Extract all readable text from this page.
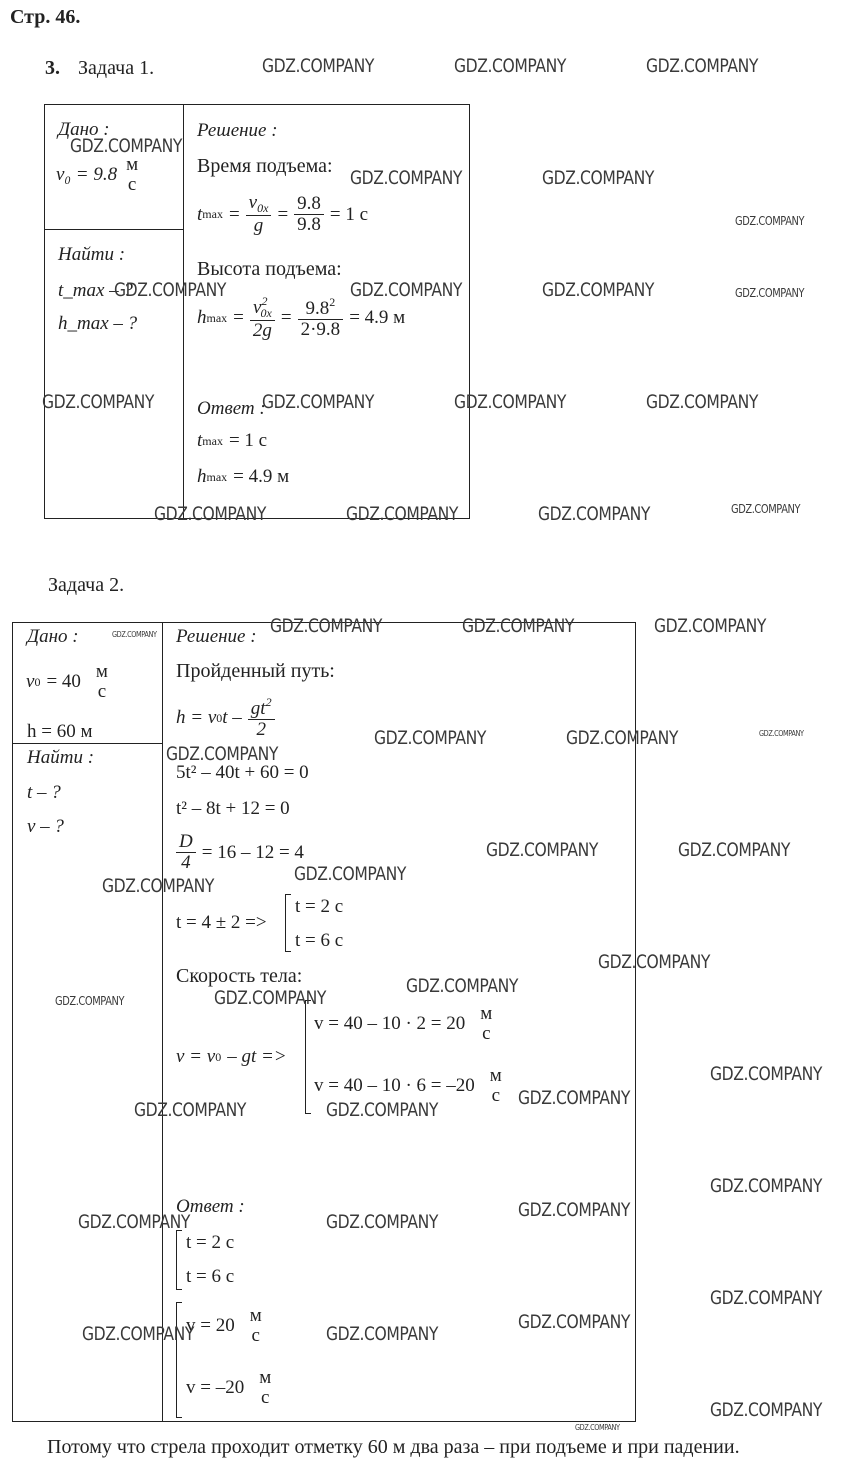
Стр. 46.
3. Задача 1.
Дано :
v₀ = 9.8 м
с
Найти :
t_max – ?
h_max – ?
Решение :
Время подъема:
t $\max = \frac{v_{0x}}{g} = \frac{9.8}{9.8} = 1$ с
Высота подъема:
h $\max = \frac{v^2_{0x}}{2g} = \frac{9.8^2}{2\cdot 9.8} = 4.9$ м
Ответ :
t max = 1 с
h max = 4.9 м
Задача 2.
Дано :
v 0 = 40 м
с
h = 60 м
Найти :
t – ?
v – ?
Решение :
Пройденный путь:
h = v 0 t – $\frac{gt^2}{2}$
5t² – 40t + 60 = 0
t² – 8t + 12 = 0
$\frac{D}{4} = 16 - 12 = 4$
t = 4 ± 2 =>
t = 2 с
t = 6 с
Скорость тела:
v = v 0 – gt =>
v = 40 – 10 · 2 = 20 м
с
v = 40 – 10 · 6 = –20 м
с
Ответ :
t = 2 с
t = 6 с
v = 20 м
с
v = –20 м
с
Потому что стрела проходит отметку 60 м два раза – при подъеме и при падении.
GDZ.COMPANY	GDZ.COMPANY	GDZ.COMPANY
GDZ.COMPANY
GDZ.COMPANY	GDZ.COMPANY
GDZ.COMPANY
GDZ.COMPANY	GDZ.COMPANY	GDZ.COMPANY	GDZ.COMPANY
GDZ.COMPANY	GDZ.COMPANY	GDZ.COMPANY	GDZ.COMPANY
GDZ.COMPANY	GDZ.COMPANY	GDZ.COMPANY	GDZ.COMPANY
GDZ.COMPANY	GDZ.COMPANY	GDZ.COMPANY	GDZ.COMPANY
GDZ.COMPANY
GDZ.COMPANY	GDZ.COMPANY	GDZ.COMPANY
GDZ.COMPANY	GDZ.COMPANY
GDZ.COMPANY
GDZ.COMPANY
GDZ.COMPANY
GDZ.COMPANY
GDZ.COMPANY
GDZ.COMPANY
GDZ.COMPANY
GDZ.COMPANY
GDZ.COMPANY	GDZ.COMPANY
GDZ.COMPANY
GDZ.COMPANY
GDZ.COMPANY	GDZ.COMPANY
GDZ.COMPANY
GDZ.COMPANY
GDZ.COMPANY	GDZ.COMPANY
GDZ.COMPANY
GDZ.COMPANY
